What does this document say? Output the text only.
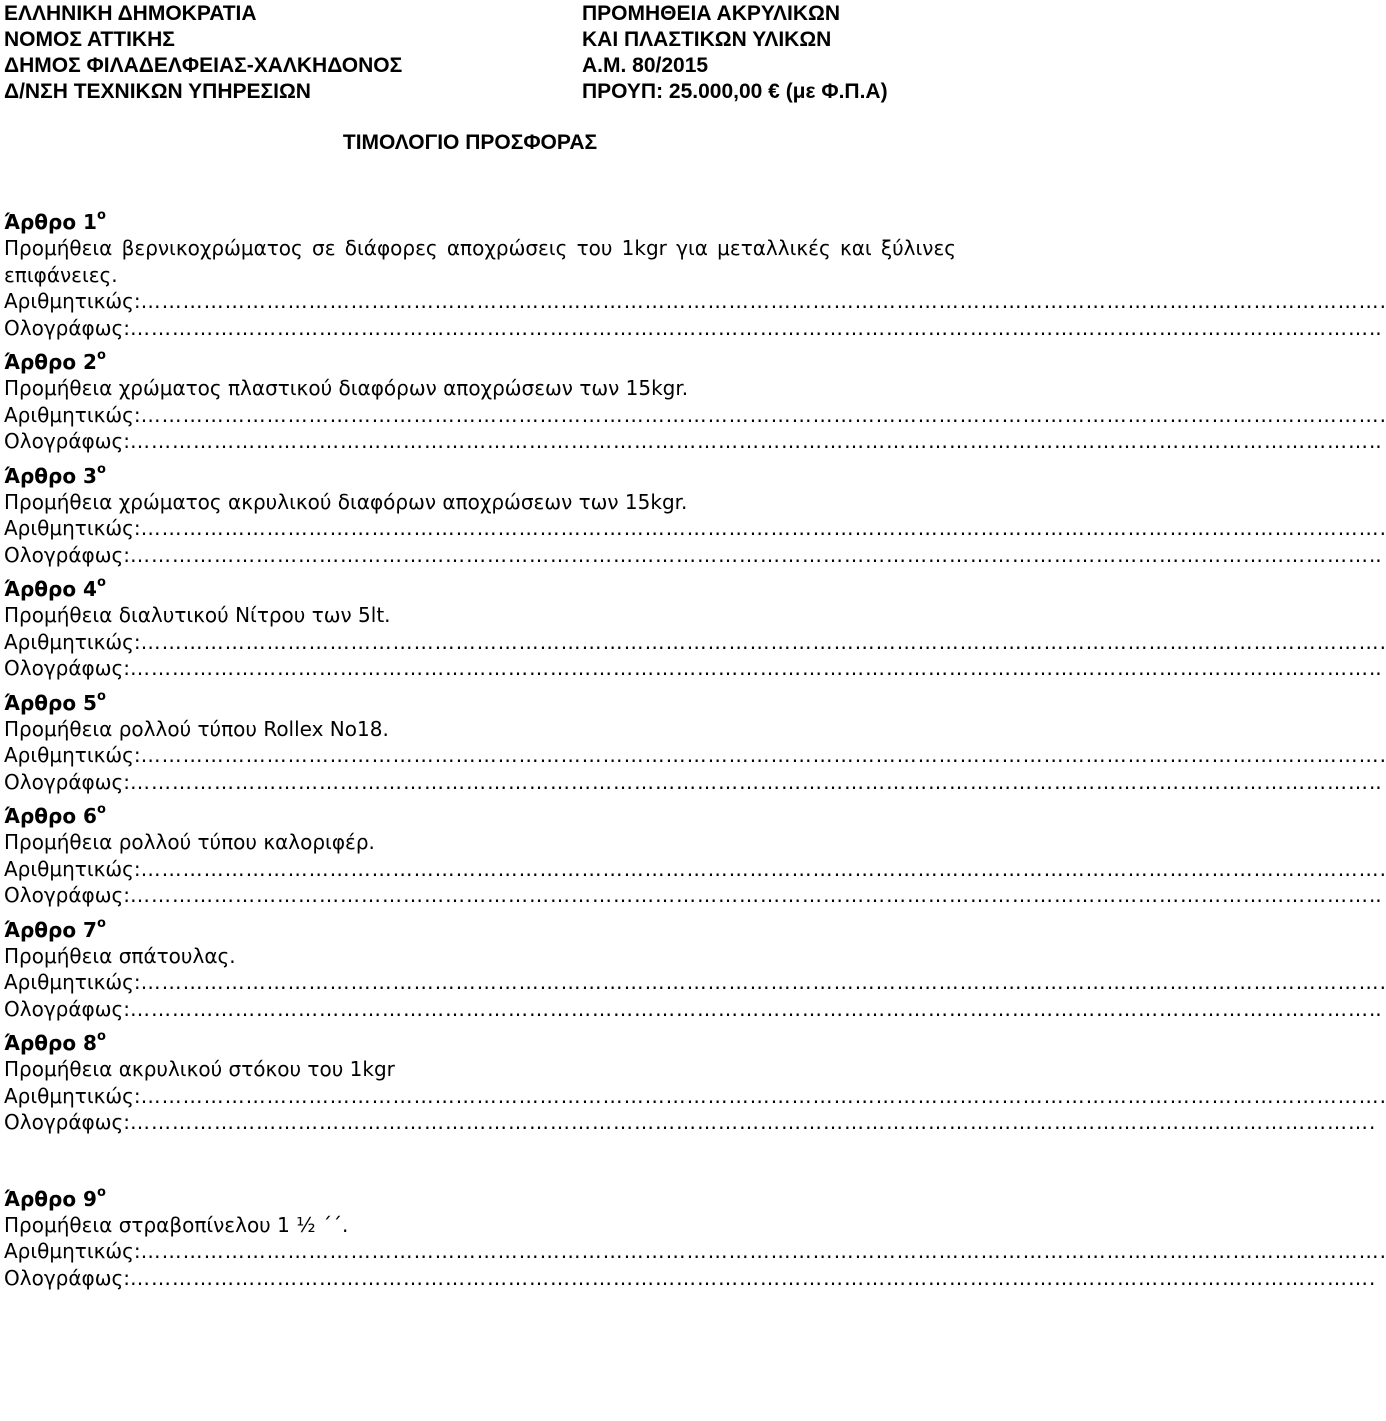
ΕΛΛΗΝΙΚΗ ΔΗΜΟΚΡΑΤΙΑ
ΝΟΜΟΣ ΑΤΤΙΚΗΣ
ΔΗΜΟΣ ΦΙΛΑΔΕΛΦΕΙΑΣ-ΧΑΛΚΗΔΟΝΟΣ
Δ/ΝΣΗ ΤΕΧΝΙΚΩΝ ΥΠΗΡΕΣΙΩΝ
ΠΡΟΜΗΘΕΙΑ ΑΚΡΥΛΙΚΩΝ
ΚΑΙ ΠΛΑΣΤΙΚΩΝ ΥΛΙΚΩΝ
Α.Μ. 80/2015
ΠΡΟΥΠ: 25.000,00 € (με Φ.Π.Α)
ΤΙΜΟΛΟΓΙΟ ΠΡΟΣΦΟΡΑΣ
Άρθρο $1^o$
Προμήθεια βερνικοχρώματος σε διάφορες αποχρώσεις του 1kgr για μεταλλικές και ξύλινες επιφάνειες.
Αριθμητικώς: …………………………………………………………………………………………………………………………………………………………… .
Ολογράφως: …………………………………………………………………………………………………………………………………………………………… ..
Άρθρο $2^o$
Προμήθεια χρώματος πλαστικού διαφόρων αποχρώσεων των 15kgr.
Αριθμητικώς: …………………………………………………………………………………………………………………………………………………………… .
Ολογράφως: …………………………………………………………………………………………………………………………………………………………… ..
Άρθρο $3^o$
Προμήθεια χρώματος ακρυλικού διαφόρων αποχρώσεων των 15kgr.
Αριθμητικώς: …………………………………………………………………………………………………………………………………………………………… .
Ολογράφως: …………………………………………………………………………………………………………………………………………………………… ..
Άρθρο $4^o$
Προμήθεια διαλυτικού Νίτρου των 5lt.
Αριθμητικώς: …………………………………………………………………………………………………………………………………………………………… .
Ολογράφως: …………………………………………………………………………………………………………………………………………………………… ..
Άρθρο $5^o$
Προμήθεια ρολλού τύπου Rollex No18.
Αριθμητικώς: …………………………………………………………………………………………………………………………………………………………… .
Ολογράφως: …………………………………………………………………………………………………………………………………………………………… ..
Άρθρο $6^o$
Προμήθεια ρολλού τύπου καλοριφέρ.
Αριθμητικώς: …………………………………………………………………………………………………………………………………………………………… .
Ολογράφως: …………………………………………………………………………………………………………………………………………………………… ..
Άρθρο $7^o$
Προμήθεια σπάτουλας.
Αριθμητικώς: …………………………………………………………………………………………………………………………………………………………… .
Ολογράφως: …………………………………………………………………………………………………………………………………………………………… ..
Άρθρο $8^o$
Προμήθεια ακρυλικού στόκου του 1kgr
Αριθμητικώς: …………………………………………………………………………………………………………………………………………………………… .
Ολογράφως: …………………………………………………………………………………………………………………………………………………………… .
Άρθρο $9^o$
Προμήθεια στραβοπίνελου 1 ½ ΄΄.
Αριθμητικώς: …………………………………………………………………………………………………………………………………………………………… .
Ολογράφως: …………………………………………………………………………………………………………………………………………………………… .
